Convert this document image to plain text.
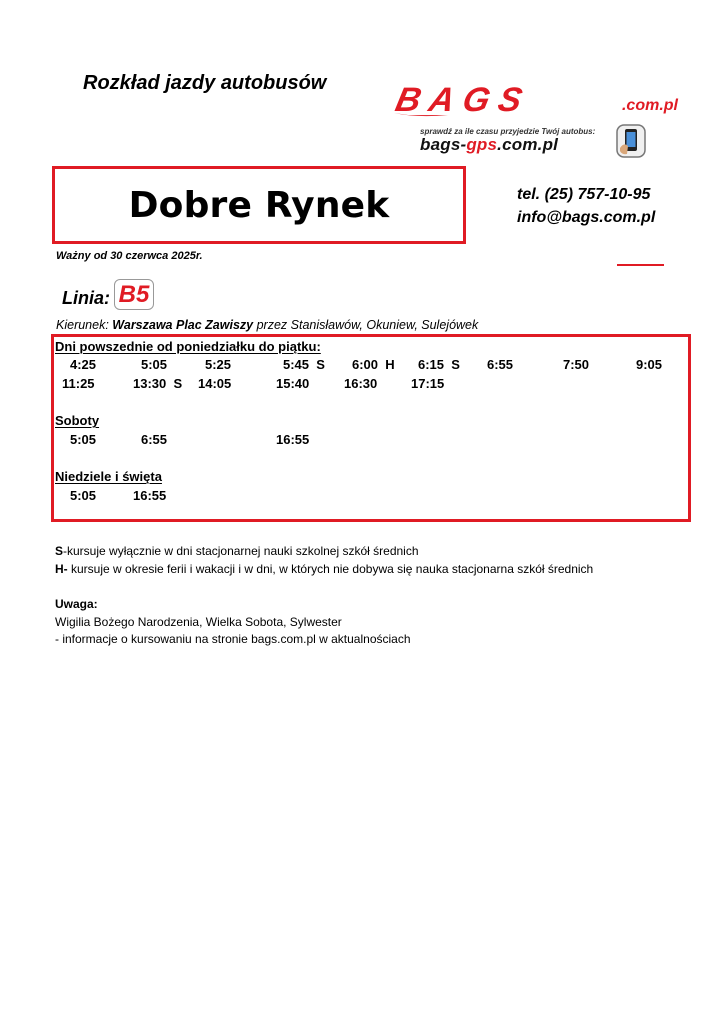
Rozkład jazdy autobusów BAGS	.com.pl
sprawdź za ile czasu przyjedzie Twój autobus:
bags-gps.com.pl
Dobre Rynek	tel. (25) 757-10-95
info@bags.com.pl
Ważny od 30 czerwca 2025r.
Linia: B5
Kierunek: Warszawa Plac Zawiszy przez Stanisławów, Okuniew, Sulejówek
Dni powszednie od poniedziałku do piątku:
4:25	5:05	5:25	5:45  S 6:00  H 6:15  S 6:55	7:50	9:05
11:25	13:30  S 14:05	15:40	16:30	17:15
Soboty
5:05	6:55	16:55
Niedziele i święta
5:05	16:55
S-kursuje wyłącznie w dni stacjonarnej nauki szkolnej szkół średnich
H- kursuje w okresie ferii i wakacji i w dni, w których nie dobywa się nauka stacjonarna szkół średnich
Uwaga:
Wigilia Bożego Narodzenia, Wielka Sobota, Sylwester
- informacje o kursowaniu na stronie bags.com.pl w aktualnościach
